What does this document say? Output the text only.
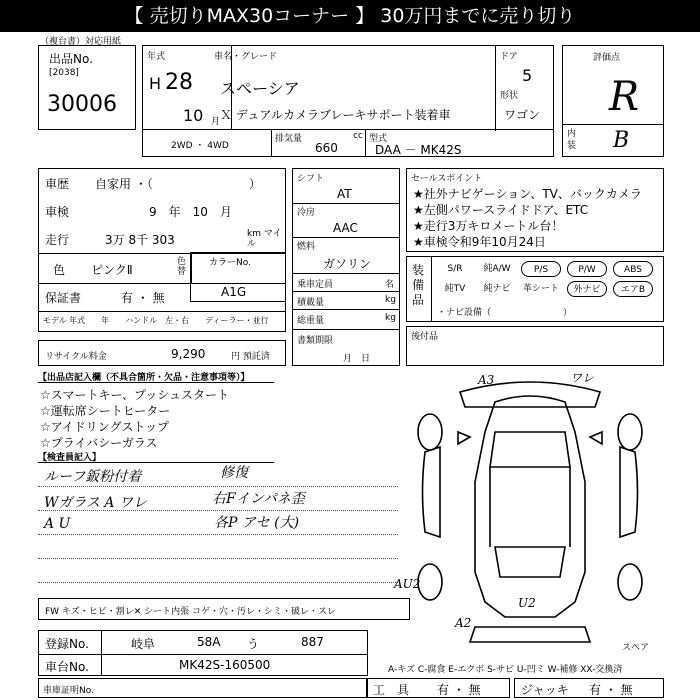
【 売切りMAX30コーナー 】 30万円までに売り切り
（複台書）対応用紙
出品No.
[2038]
30006
年式
H 28
10 月
車名・グレード
スペーシア
Ｘ デュアルカメラブレーキサポート装着車
ドア
5
形状
ワゴン
評価点
R
内装 B
2WD ・ 4WD
排気量	cc
660
型式
DAA － MK42S
車歴 自家用 ・（　　　　　　　　）
車検	9　年　10　月
走行	3万 8千 303	km マイル
色 ピンクⅡ
色替
保証書	有 ・ 無
モデル 年式　　年　　ハンドル　左・右　　ディーラー・並行
カラーNo.
A1G
リサイクル料金	9,290	円 預託済
シフト
AT
冷房
AAC
燃料
ガソリン
乗車定員	名
積載量	kg
総重量	kg
書類期限
月　日
セールスポイント
★社外ナビゲーション、TV、バックカメラ
★左側パワースライドドア、ETC
★走行3万キロメートル台！
★車検令和9年10月24日
装備品
S/R	純A/W	P/S	P/W	ABS
純TV	純ナビ	革シート	外ナビ	エアB
・ナビ設備（　　　　　　　　）
後付品
【出品店記入欄（不具合箇所・欠品・注意事項等）】
☆スマートキー、プッシュスタート
☆運転席シートヒーター
☆アイドリングストップ
☆プライバシーガラス
【検査員記入】
ルーフ鈑粉付着	修復
Wガラス A ワレ	右Fインパネ歪
A U	各P アセ (大)
A3	ワレ
AU2
U2
A2
スペア
FW キズ・ヒビ・割レ✕ シート内張 コゲ・穴・汚レ・シミ・破レ・スレ
登録No.	岐阜	58A う	887
車台No.	MK42S-160500	A-キズ C-腐食 E-エクボ S-サビ U-凹ミ W-補修 XX-交換済
車庫証明No.	工　具 有 ・ 無	ジャッキ 有 ・ 無
